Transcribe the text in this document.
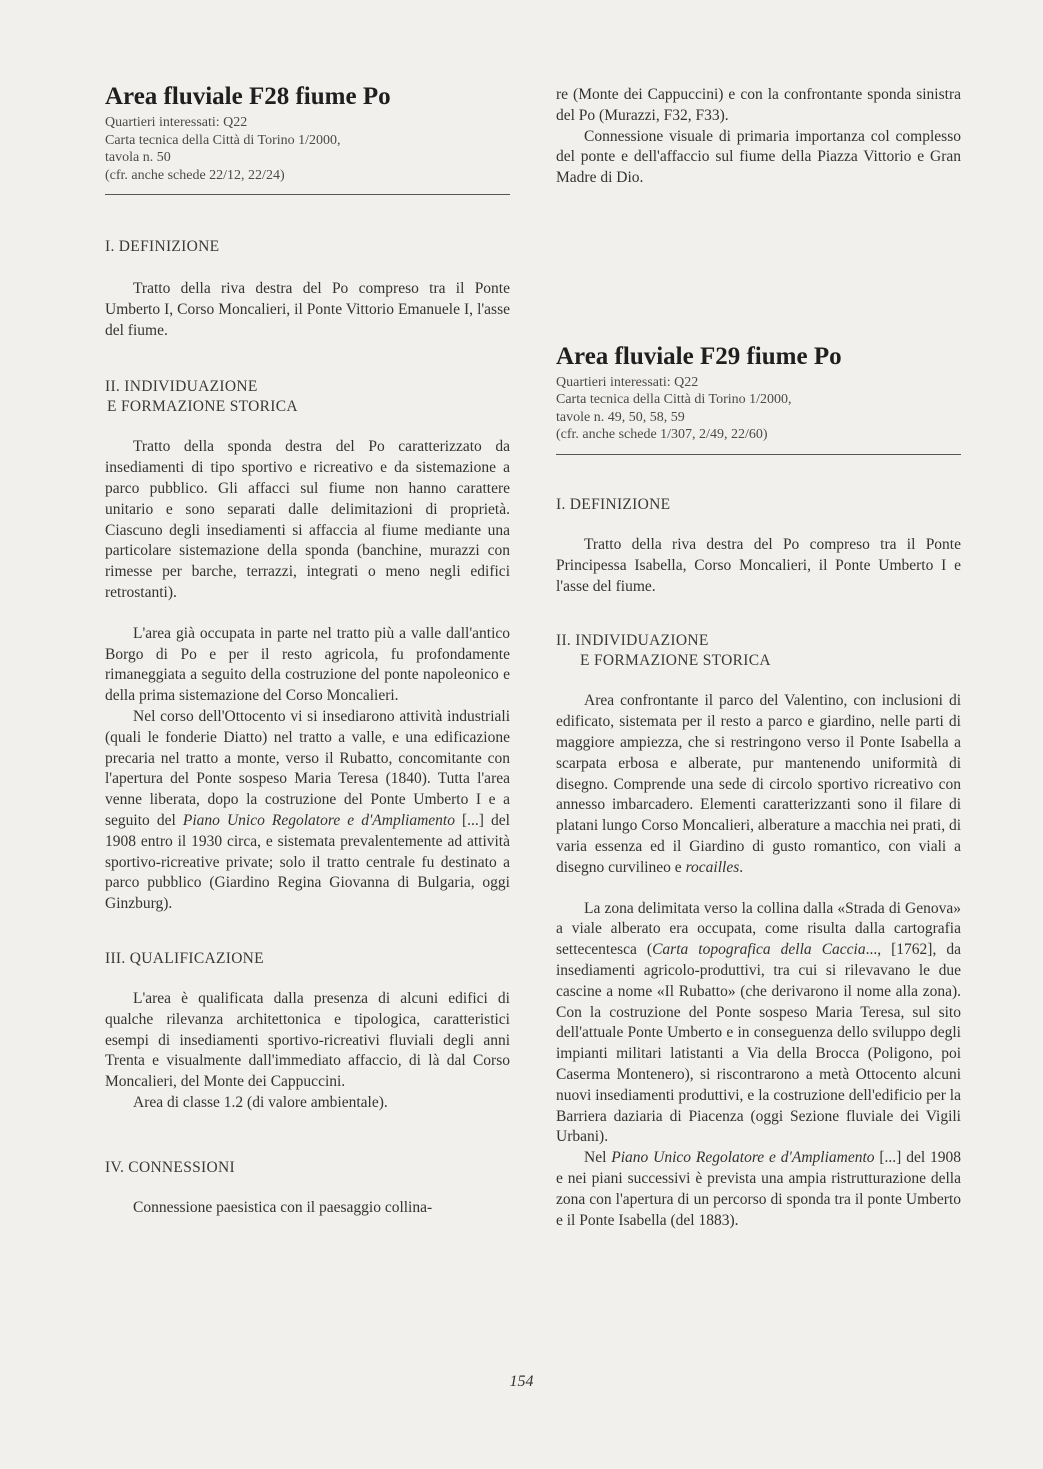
Area fluviale F28 fiume Po
Quartieri interessati: Q22
Carta tecnica della Città di Torino 1/2000,
tavola n. 50
(cfr. anche schede 22/12, 22/24)
I. DEFINIZIONE

Tratto della riva destra del Po compreso tra il Ponte Umberto I, Corso Moncalieri, il Ponte Vittorio Emanuele I, l'asse del fiume.

II. INDIVIDUAZIONE
E FORMAZIONE STORICA

Tratto della sponda destra del Po caratterizzato da insediamenti di tipo sportivo e ricreativo e da sistemazione a parco pubblico. Gli affacci sul fiume non hanno carattere unitario e sono separati dalle delimitazioni di proprietà. Ciascuno degli insediamenti si affaccia al fiume mediante una particolare sistemazione della sponda (banchine, murazzi con rimesse per barche, terrazzi, integrati o meno negli edifici retrostanti).

L'area già occupata in parte nel tratto più a valle dall'antico Borgo di Po e per il resto agricola, fu profondamente rimaneggiata a seguito della costruzione del ponte napoleonico e della prima sistemazione del Corso Moncalieri.

Nel corso dell'Ottocento vi si insediarono attività industriali (quali le fonderie Diatto) nel tratto a valle, e una edificazione precaria nel tratto a monte, verso il Rubatto, concomitante con l'apertura del Ponte sospeso Maria Teresa (1840). Tutta l'area venne liberata, dopo la costruzione del Ponte Umberto I e a seguito del Piano Unico Regolatore e d'Ampliamento [...] del 1908 entro il 1930 circa, e sistemata prevalentemente ad attività sportivo-ricreative private; solo il tratto centrale fu destinato a parco pubblico (Giardino Regina Giovanna di Bulgaria, oggi Ginzburg).

III. QUALIFICAZIONE

L'area è qualificata dalla presenza di alcuni edifici di qualche rilevanza architettonica e tipologica, caratteristici esempi di insediamenti sportivo-ricreativi fluviali degli anni Trenta e visualmente dall'immediato affaccio, di là dal Corso Moncalieri, del Monte dei Cappuccini.

Area di classe 1.2 (di valore ambientale).

IV. CONNESSIONI

Connessione paesistica con il paesaggio collina-

re (Monte dei Cappuccini) e con la confrontante sponda sinistra del Po (Murazzi, F32, F33).

Connessione visuale di primaria importanza col complesso del ponte e dell'affaccio sul fiume della Piazza Vittorio e Gran Madre di Dio.

Area fluviale F29 fiume Po
Quartieri interessati: Q22
Carta tecnica della Città di Torino 1/2000,
tavole n. 49, 50, 58, 59
(cfr. anche schede 1/307, 2/49, 22/60)
I. DEFINIZIONE

Tratto della riva destra del Po compreso tra il Ponte Principessa Isabella, Corso Moncalieri, il Ponte Umberto I e l'asse del fiume.

II. INDIVIDUAZIONE
E FORMAZIONE STORICA

Area confrontante il parco del Valentino, con inclusioni di edificato, sistemata per il resto a parco e giardino, nelle parti di maggiore ampiezza, che si restringono verso il Ponte Isabella a scarpata erbosa e alberate, pur mantenendo uniformità di disegno. Comprende una sede di circolo sportivo ricreativo con annesso imbarcadero. Elementi caratterizzanti sono il filare di platani lungo Corso Moncalieri, alberature a macchia nei prati, di varia essenza ed il Giardino di gusto romantico, con viali a disegno curvilineo e rocailles.

La zona delimitata verso la collina dalla «Strada di Genova» a viale alberato era occupata, come risulta dalla cartografia settecentesca (Carta topografica della Caccia..., [1762], da insediamenti agricolo-produttivi, tra cui si rilevavano le due cascine a nome «Il Rubatto» (che derivarono il nome alla zona). Con la costruzione del Ponte sospeso Maria Teresa, sul sito dell'attuale Ponte Umberto e in conseguenza dello sviluppo degli impianti militari latistanti a Via della Brocca (Poligono, poi Caserma Montenero), si riscontrarono a metà Ottocento alcuni nuovi insediamenti produttivi, e la costruzione dell'edificio per la Barriera daziaria di Piacenza (oggi Sezione fluviale dei Vigili Urbani).

Nel Piano Unico Regolatore e d'Ampliamento [...] del 1908 e nei piani successivi è prevista una ampia ristrutturazione della zona con l'apertura di un percorso di sponda tra il ponte Umberto e il Ponte Isabella (del 1883).

154
